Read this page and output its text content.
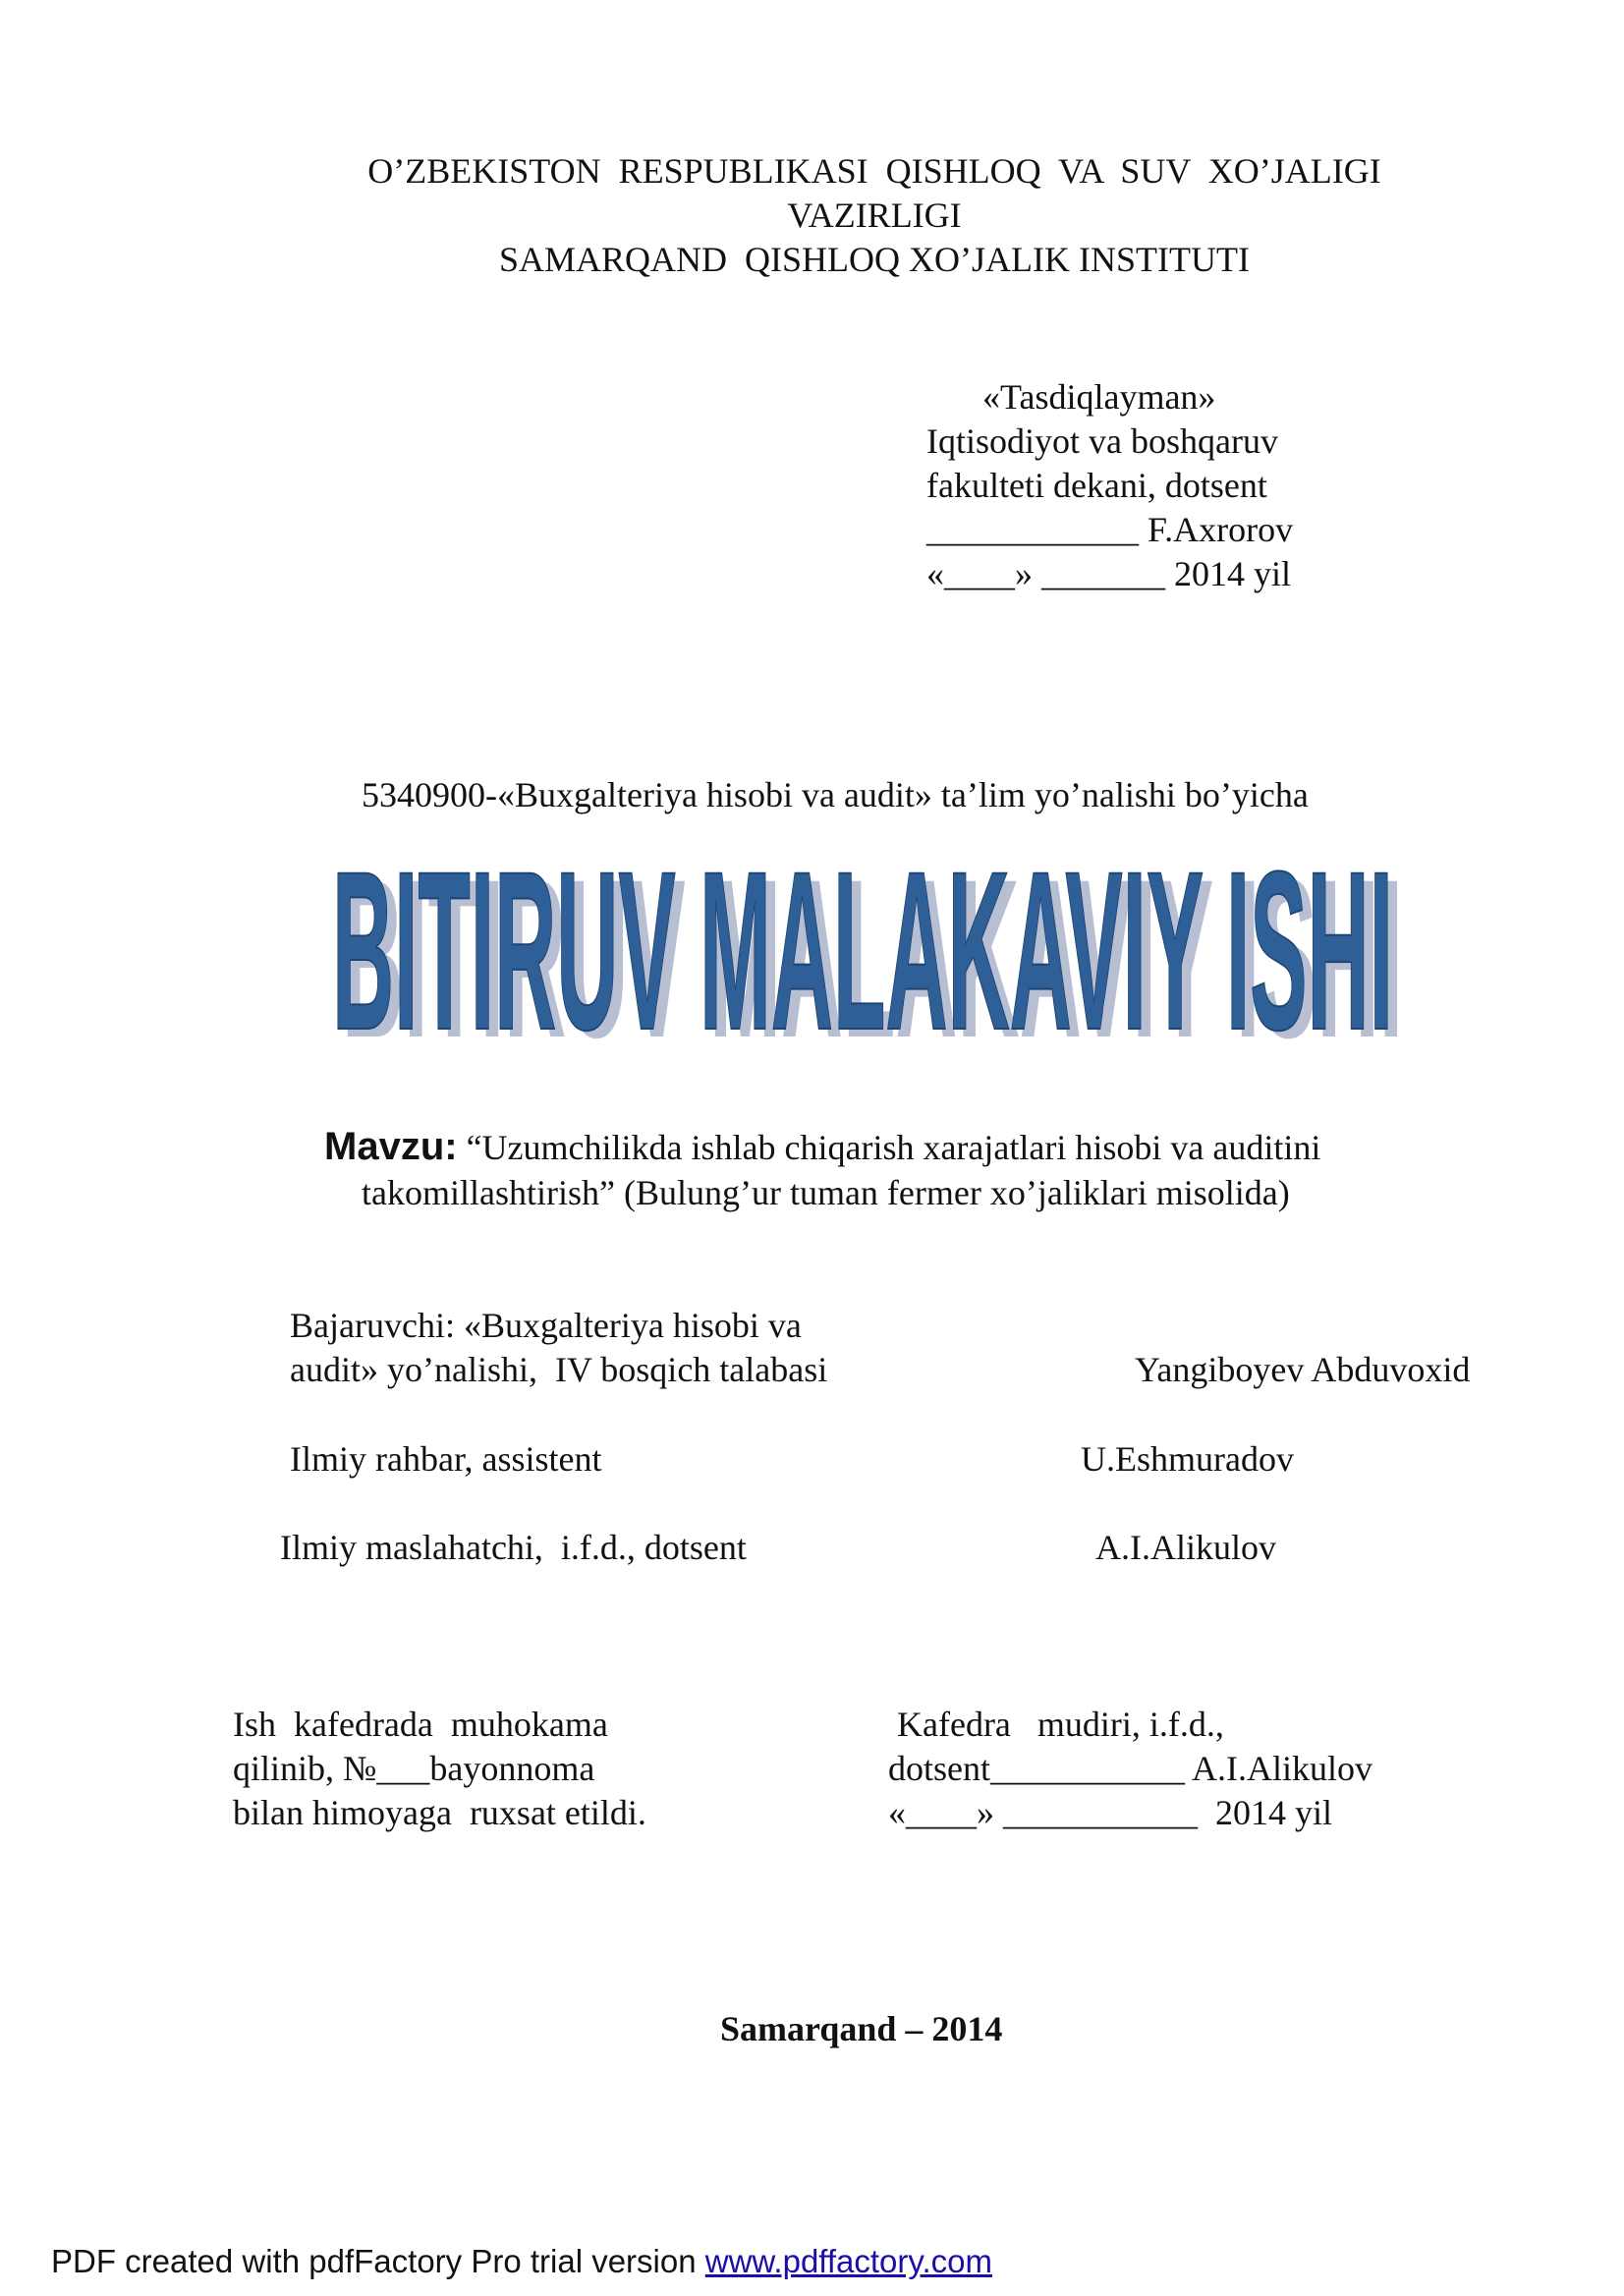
O’ZBEKISTON  RESPUBLIKASI  QISHLOQ  VA  SUV  XO’JALIGI
VAZIRLIGI
SAMARQAND  QISHLOQ XO’JALIK INSTITUTI
«Tasdiqlayman»
Iqtisodiyot va boshqaruv
fakulteti dekani, dotsent
____________ F.Axrorov
«____» _______ 2014 yil
5340900-«Buxgalteriya hisobi va audit» ta’lim yo’nalishi bo’yicha
BITIRUV MALAKAVIY ISHI
BITIRUV MALAKAVIY ISHI
Mavzu: “Uzumchilikda ishlab chiqarish xarajatlari hisobi va auditini
takomillashtirish” (Bulung’ur tuman fermer xo’jaliklari misolida)
Bajaruvchi: «Buxgalteriya hisobi va
audit» yo’nalishi,  IV bosqich talabasi	Yangiboyev Abduvoxid
Ilmiy rahbar, assistent	U.Eshmuradov
Ilmiy maslahatchi,  i.f.d., dotsent	A.I.Alikulov
Ish  kafedrada  muhokama
qilinib, №___bayonnoma
bilan himoyaga  ruxsat etildi.
Kafedra   mudiri, i.f.d.,
dotsent___________ A.I.Alikulov
«____» ___________  2014 yil
Samarqand – 2014
PDF created with pdfFactory Pro trial version www.pdffactory.com
